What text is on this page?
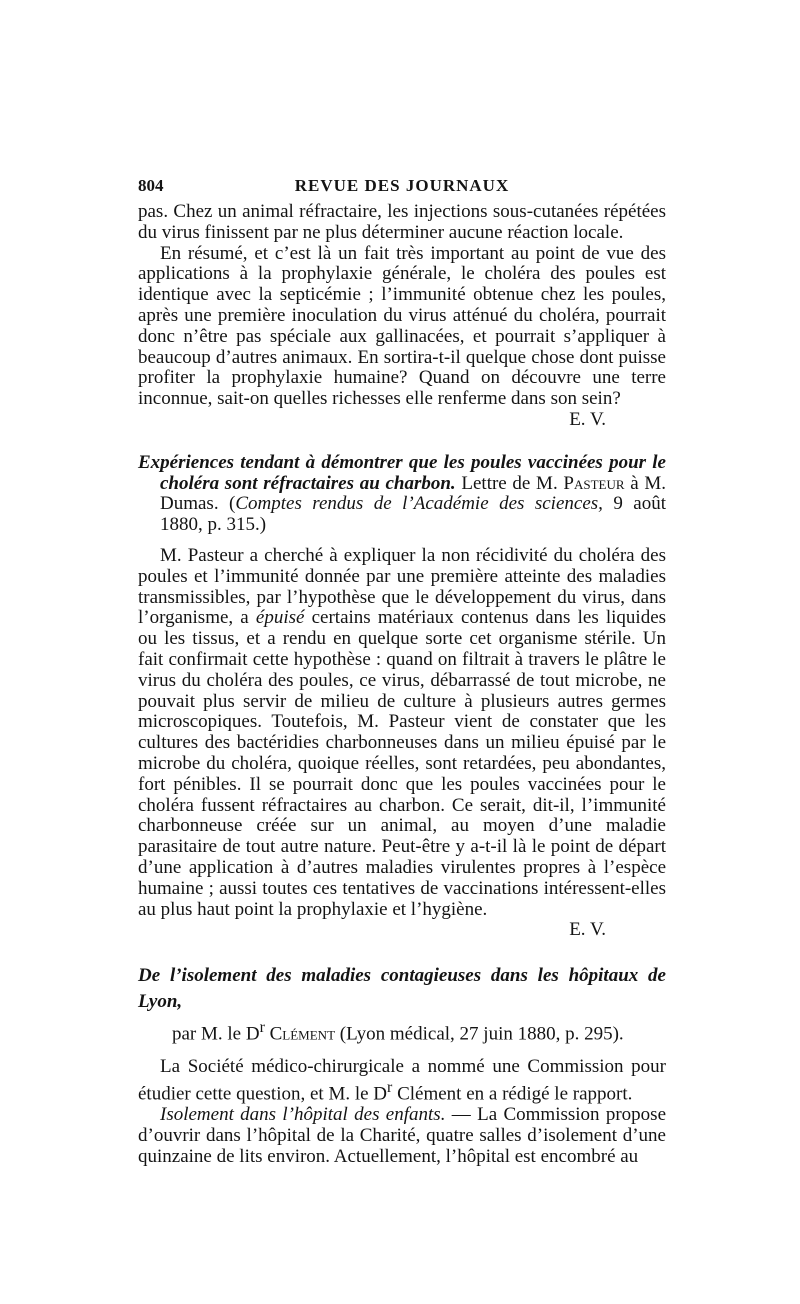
804	REVUE DES JOURNAUX

pas. Chez un animal réfractaire, les injections sous-cutanées répétées du virus finissent par ne plus déterminer aucune réaction locale.

En résumé, et c’est là un fait très important au point de vue des applications à la prophylaxie générale, le choléra des poules est identique avec la septicémie ; l’immunité obtenue chez les poules, après une première inoculation du virus atténué du choléra, pourrait donc n’être pas spéciale aux gallinacées, et pourrait s’appliquer à beaucoup d’autres animaux. En sortira-t-il quelque chose dont puisse profiter la prophylaxie humaine? Quand on découvre une terre inconnue, sait-on quelles richesses elle renferme dans son sein?

E. V.

Expériences tendant à démontrer que les poules vaccinées pour le choléra sont réfractaires au charbon. Lettre de M. Pasteur à M. Dumas. (Comptes rendus de l’Académie des sciences, 9 août 1880, p. 315.)

M. Pasteur a cherché à expliquer la non récidivité du choléra des poules et l’immunité donnée par une première atteinte des maladies transmissibles, par l’hypothèse que le développement du virus, dans l’organisme, a épuisé certains matériaux contenus dans les liquides ou les tissus, et a rendu en quelque sorte cet organisme stérile. Un fait confirmait cette hypothèse : quand on filtrait à travers le plâtre le virus du choléra des poules, ce virus, débarrassé de tout microbe, ne pouvait plus servir de milieu de culture à plusieurs autres germes microscopiques. Toutefois, M. Pasteur vient de constater que les cultures des bactéridies charbonneuses dans un milieu épuisé par le microbe du choléra, quoique réelles, sont retardées, peu abondantes, fort pénibles. Il se pourrait donc que les poules vaccinées pour le choléra fussent réfractaires au charbon. Ce serait, dit-il, l’immunité charbonneuse créée sur un animal, au moyen d’une maladie parasitaire de tout autre nature. Peut-être y a-t-il là le point de départ d’une application à d’autres maladies virulentes propres à l’espèce humaine ; aussi toutes ces tentatives de vaccinations intéressent-elles au plus haut point la prophylaxie et l’hygiène.

E. V.

De l’isolement des maladies contagieuses dans les hôpitaux de Lyon,
par M. le $D^r$ Clément (Lyon médical, 27 juin 1880, p. 295).

La Société médico-chirurgicale a nommé une Commission pour étudier cette question, et M. le $D^r$ Clément en a rédigé le rapport.

Isolement dans l’hôpital des enfants. — La Commission propose d’ouvrir dans l’hôpital de la Charité, quatre salles d’isolement d’une quinzaine de lits environ. Actuellement, l’hôpital est encombré au
